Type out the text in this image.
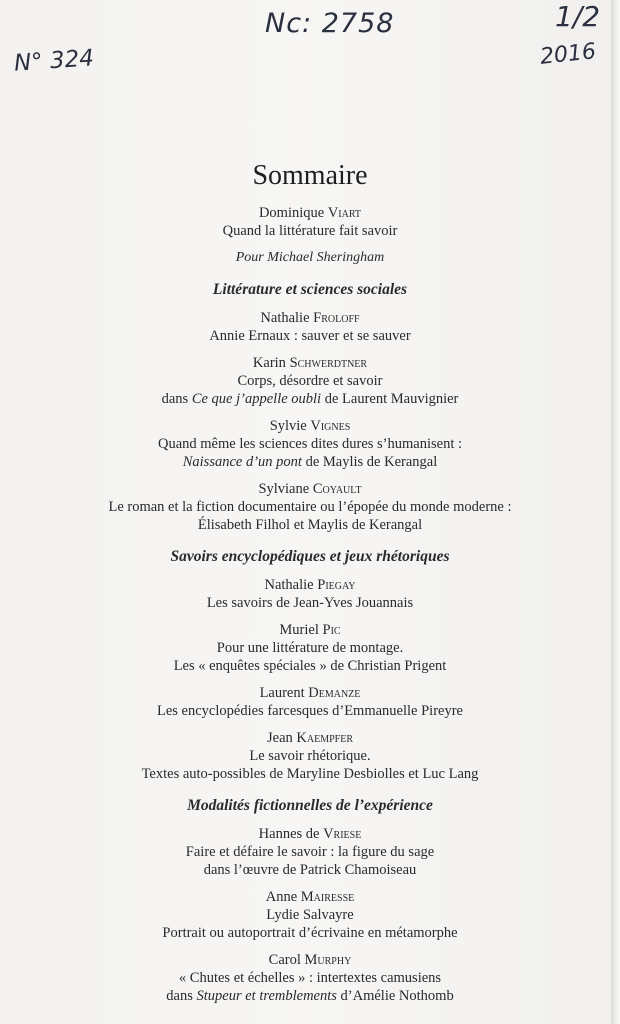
Nc: 2758
N° 324
1/2
2016
Sommaire
Dominique Viart
Quand la littérature fait savoir
Pour Michael Sheringham
Littérature et sciences sociales
Nathalie Froloff
Annie Ernaux : sauver et se sauver
Karin Schwerdtner
Corps, désordre et savoir
dans Ce que j’appelle oubli de Laurent Mauvignier
Sylvie Vignes
Quand même les sciences dites dures s’humanisent :
Naissance d’un pont de Maylis de Kerangal
Sylviane Coyault
Le roman et la fiction documentaire ou l’épopée du monde moderne :
Élisabeth Filhol et Maylis de Kerangal
Savoirs encyclopédiques et jeux rhétoriques
Nathalie Piegay
Les savoirs de Jean-Yves Jouannais
Muriel Pic
Pour une littérature de montage.
Les « enquêtes spéciales » de Christian Prigent
Laurent Demanze
Les encyclopédies farcesques d’Emmanuelle Pireyre
Jean Kaempfer
Le savoir rhétorique.
Textes auto-possibles de Maryline Desbiolles et Luc Lang
Modalités fictionnelles de l’expérience
Hannes de Vriese
Faire et défaire le savoir : la figure du sage
dans l’œuvre de Patrick Chamoiseau
Anne Mairesse
Lydie Salvayre
Portrait ou autoportrait d’écrivaine en métamorphe
Carol Murphy
« Chutes et échelles » : intertextes camusiens
dans Stupeur et tremblements d’Amélie Nothomb
